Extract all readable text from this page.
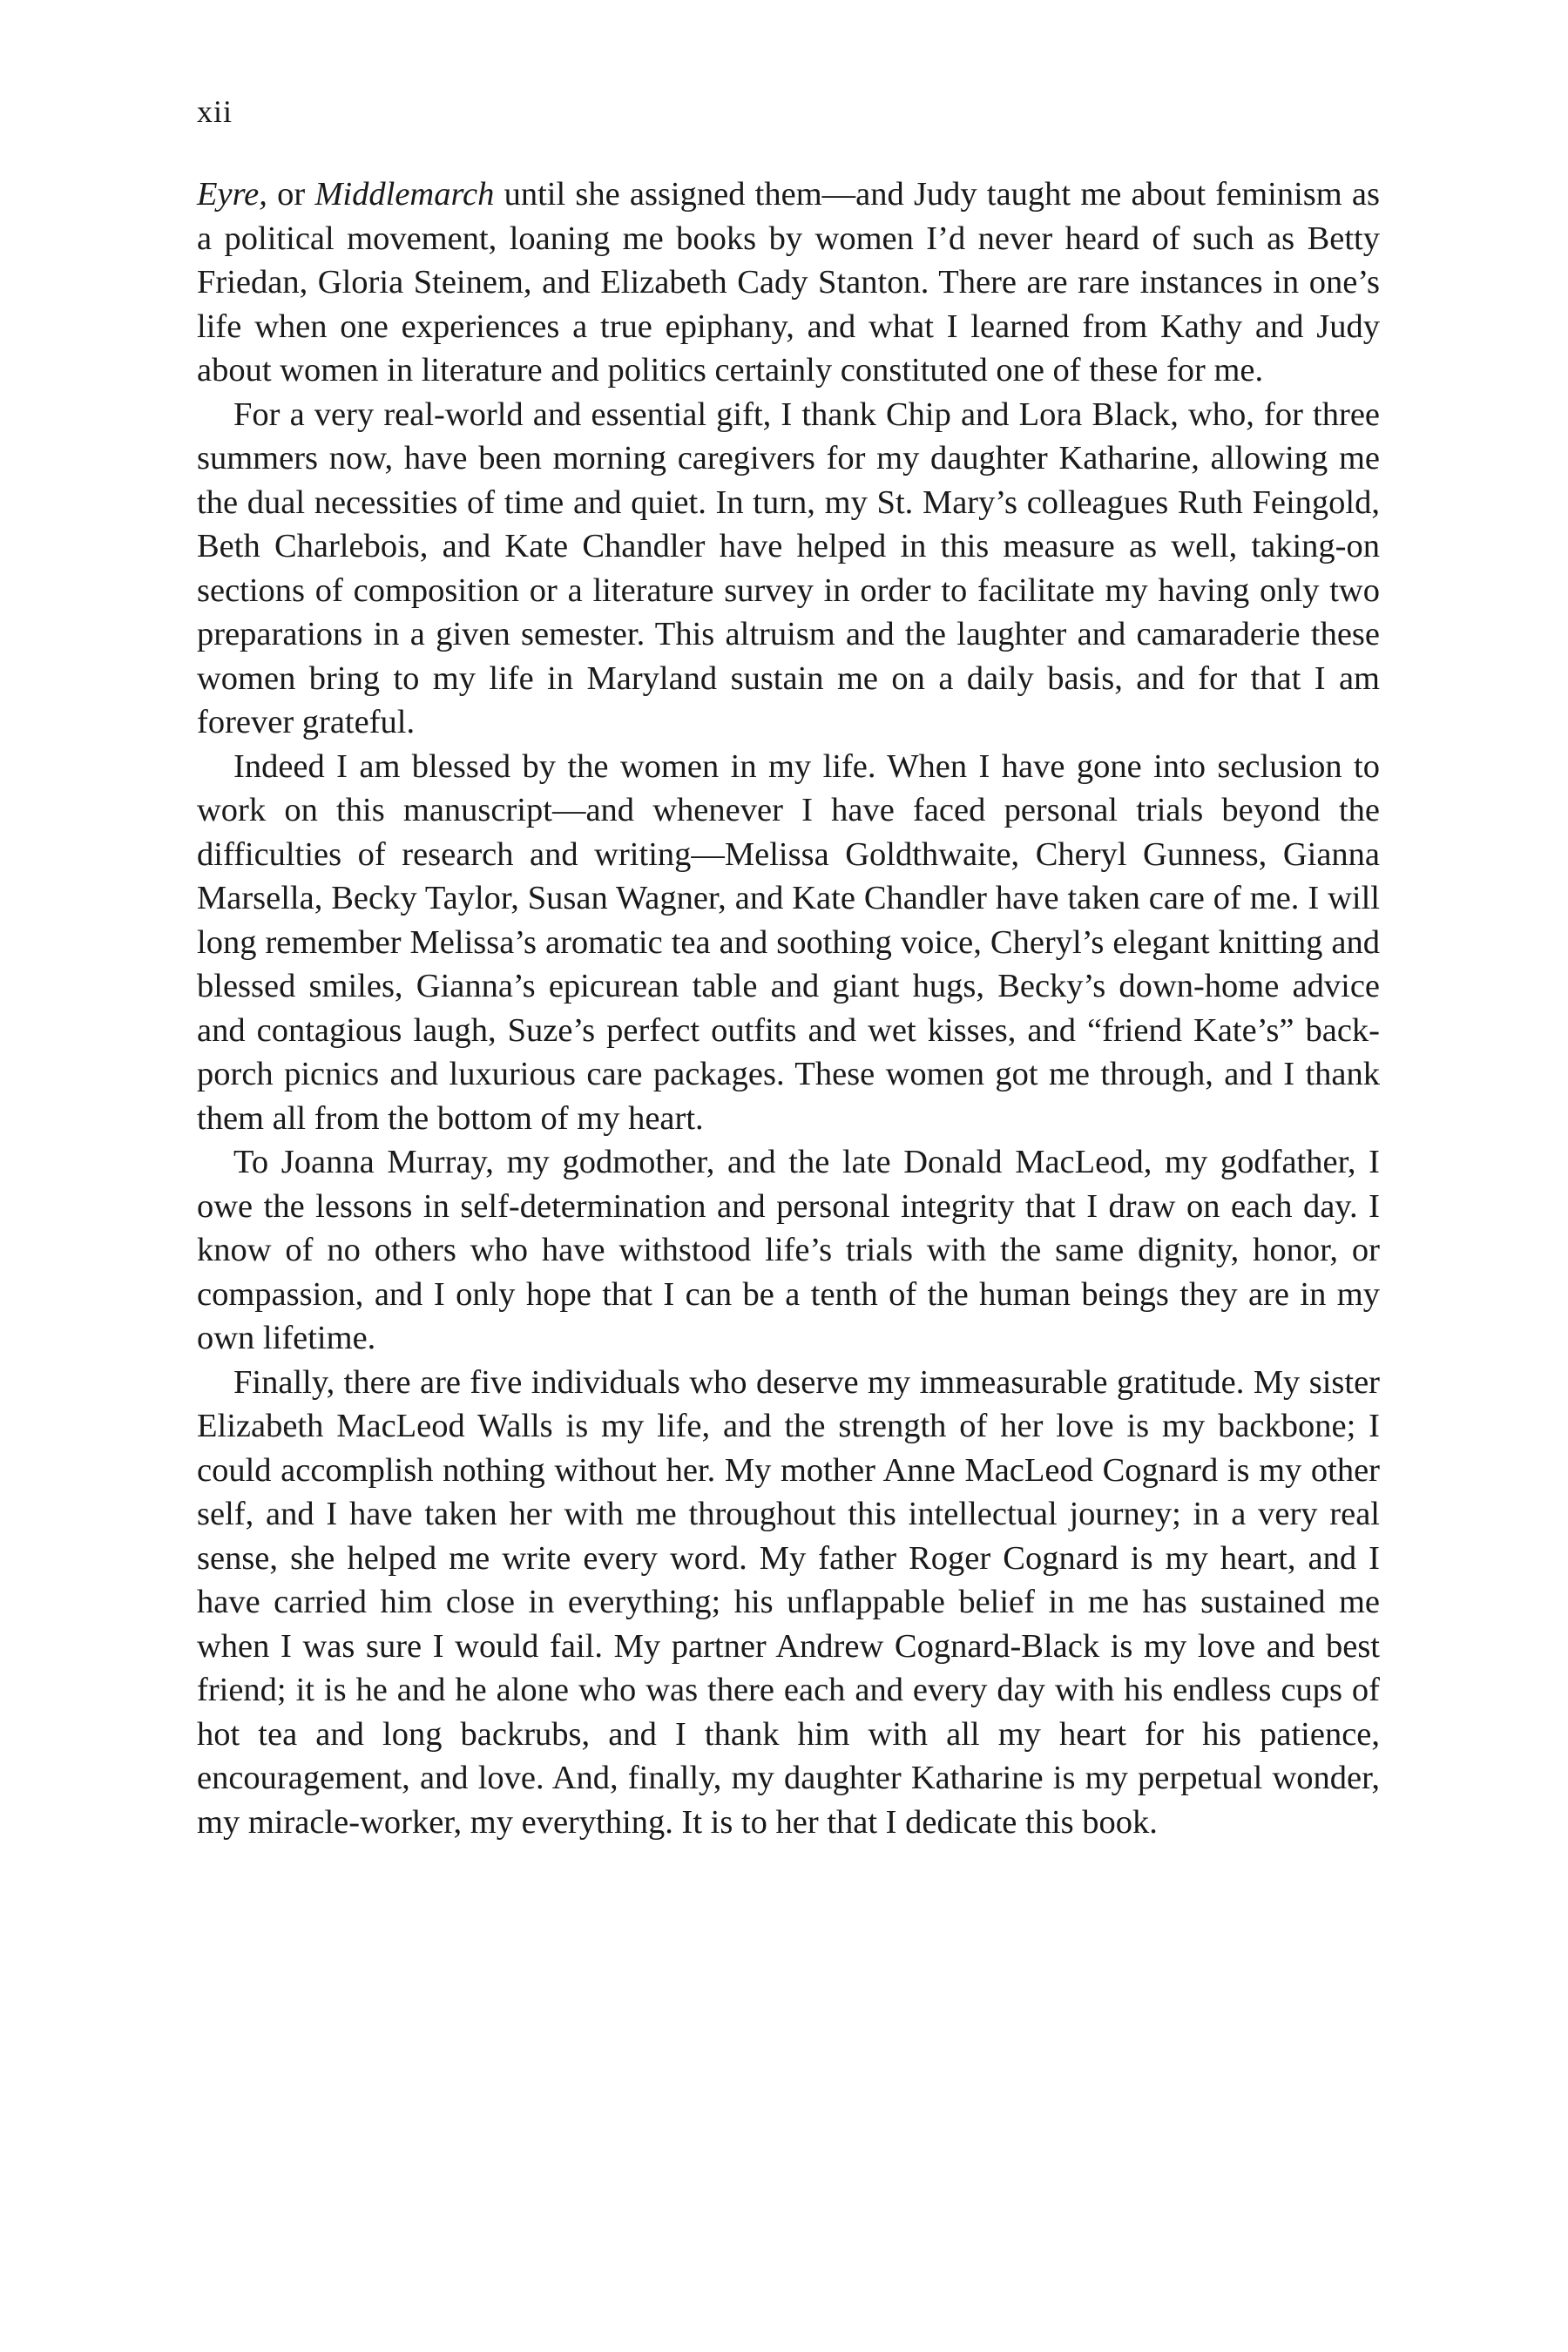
xii

Eyre, or Middlemarch until she assigned them—and Judy taught me about feminism as a political movement, loaning me books by women I’d never heard of such as Betty Friedan, Gloria Steinem, and Elizabeth Cady Stanton. There are rare instances in one’s life when one experiences a true epiphany, and what I learned from Kathy and Judy about women in literature and politics certainly constituted one of these for me.

For a very real-world and essential gift, I thank Chip and Lora Black, who, for three summers now, have been morning caregivers for my daughter Katharine, allowing me the dual necessities of time and quiet. In turn, my St. Mary’s colleagues Ruth Feingold, Beth Charlebois, and Kate Chandler have helped in this measure as well, taking-on sections of composition or a literature survey in order to facilitate my having only two preparations in a given semester. This altruism and the laughter and camaraderie these women bring to my life in Maryland sustain me on a daily basis, and for that I am forever grateful.

Indeed I am blessed by the women in my life. When I have gone into seclusion to work on this manuscript—and whenever I have faced personal trials beyond the difficulties of research and writing—Melissa Goldthwaite, Cheryl Gunness, Gianna Marsella, Becky Taylor, Susan Wagner, and Kate Chandler have taken care of me. I will long remember Melissa’s aromatic tea and soothing voice, Cheryl’s elegant knitting and blessed smiles, Gianna’s epicurean table and giant hugs, Becky’s down-home advice and contagious laugh, Suze’s perfect outfits and wet kisses, and “friend Kate’s” back-porch picnics and luxurious care packages. These women got me through, and I thank them all from the bottom of my heart.

To Joanna Murray, my godmother, and the late Donald MacLeod, my godfather, I owe the lessons in self-determination and personal integrity that I draw on each day. I know of no others who have withstood life’s trials with the same dignity, honor, or compassion, and I only hope that I can be a tenth of the human beings they are in my own lifetime.

Finally, there are five individuals who deserve my immeasurable gratitude. My sister Elizabeth MacLeod Walls is my life, and the strength of her love is my backbone; I could accomplish nothing without her. My mother Anne MacLeod Cognard is my other self, and I have taken her with me throughout this intellectual journey; in a very real sense, she helped me write every word. My father Roger Cognard is my heart, and I have carried him close in everything; his unflappable belief in me has sustained me when I was sure I would fail. My partner Andrew Cognard-Black is my love and best friend; it is he and he alone who was there each and every day with his endless cups of hot tea and long backrubs, and I thank him with all my heart for his patience, encouragement, and love. And, finally, my daughter Katharine is my perpetual wonder, my miracle-worker, my everything. It is to her that I dedicate this book.
